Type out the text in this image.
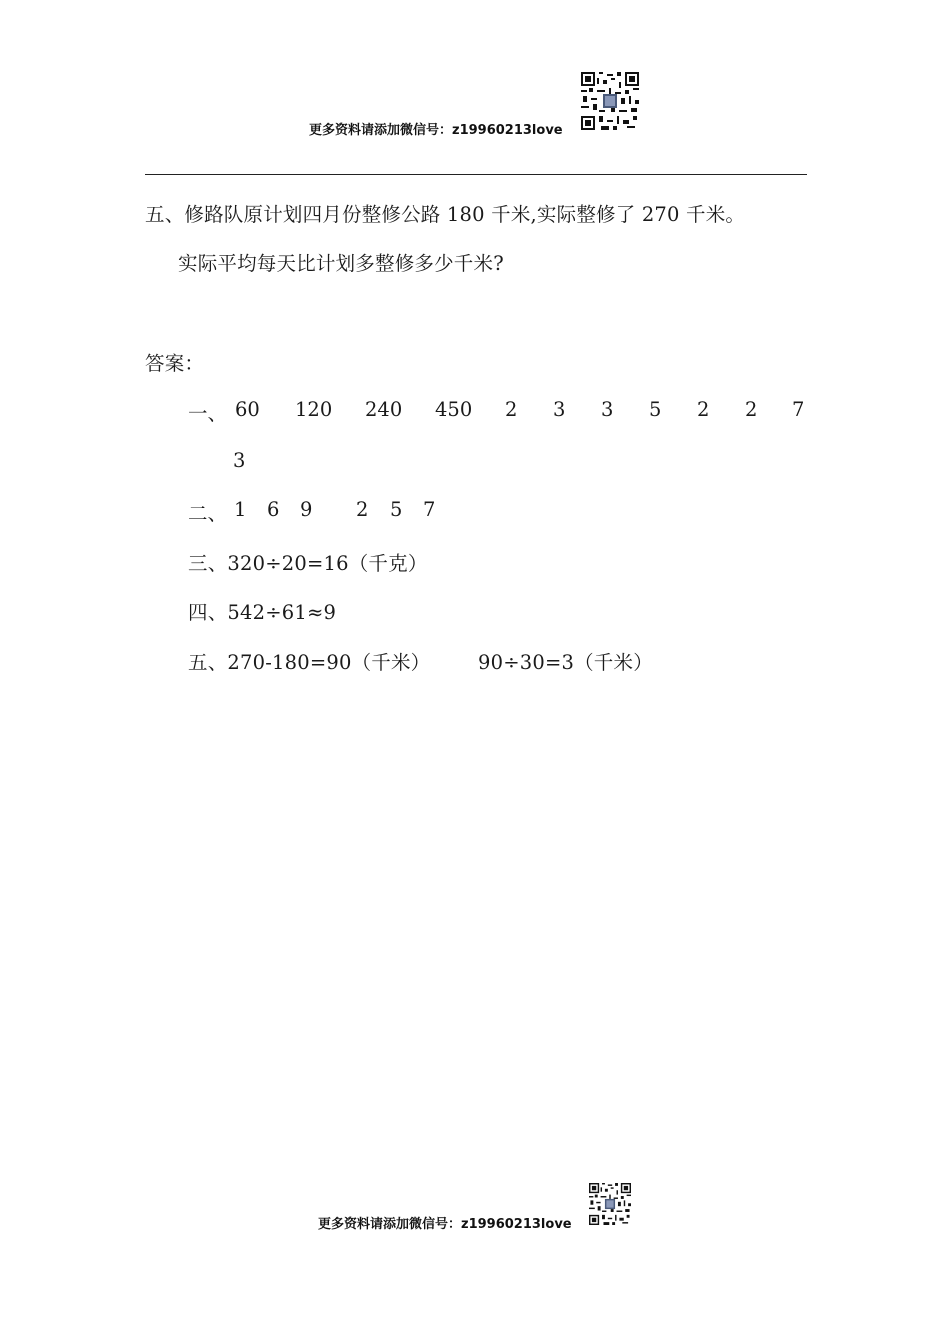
更多资料请添加微信号：z19960213love
五、修路队原计划四月份整修公路 180 千米,实际整修了 270 千米。
实际平均每天比计划多整修多少千米?
答案：
一、 60 120 240 450 2 3 3 5 2 2 7
3
二、 1 6 9 2 5 7
三、320÷20=16（千克）
四、542÷61≈9
五、270-180=90（千米） 90÷30=3（千米）
更多资料请添加微信号：z19960213love
